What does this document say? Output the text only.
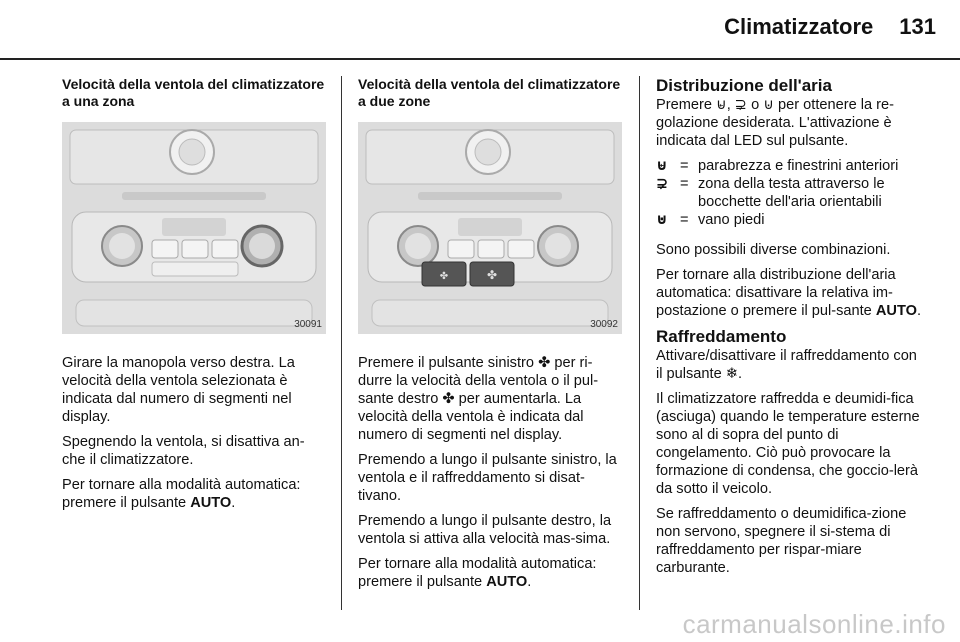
Climatizzatore 131
Velocità della ventola del climatizzatore a una zona
30091

Girare la manopola verso destra. La velocità della ventola selezionata è indicata dal numero di segmenti nel display.

Spegnendo la ventola, si disattiva an-che il climatizzatore.

Per tornare alla modalità automatica: premere il pulsante AUTO.

Velocità della ventola del climatizzatore a due zone
✤	✤
30092

Premere il pulsante sinistro ✤ per ri-durre la velocità della ventola o il pul-sante destro ✤ per aumentarla. La velocità della ventola è indicata dal numero di segmenti nel display.

Premendo a lungo il pulsante sinistro, la ventola e il raffreddamento si disat-tivano.

Premendo a lungo il pulsante destro, la ventola si attiva alla velocità mas-sima.

Per tornare alla modalità automatica: premere il pulsante AUTO.

Distribuzione dell'aria

Premere ⊌, ⊋ o ⊍ per ottenere la re-golazione desiderata. L'attivazione è indicata dal LED sul pulsante.

⊌ = parabrezza e finestrini anteriori
⊋ = zona della testa attraverso le bocchette dell'aria orientabili
⊍ = vano piedi

Sono possibili diverse combinazioni.

Per tornare alla distribuzione dell'aria automatica: disattivare la relativa im-postazione o premere il pul-sante AUTO.

Raffreddamento

Attivare/disattivare il raffreddamento con il pulsante ❄.

Il climatizzatore raffredda e deumidi-fica (asciuga) quando le temperature esterne sono al di sopra del punto di congelamento. Ciò può provocare la formazione di condensa, che goccio-lerà da sotto il veicolo.

Se raffreddamento o deumidifica-zione non servono, spegnere il si-stema di raffreddamento per rispar-miare carburante.

carmanualsonline.info
